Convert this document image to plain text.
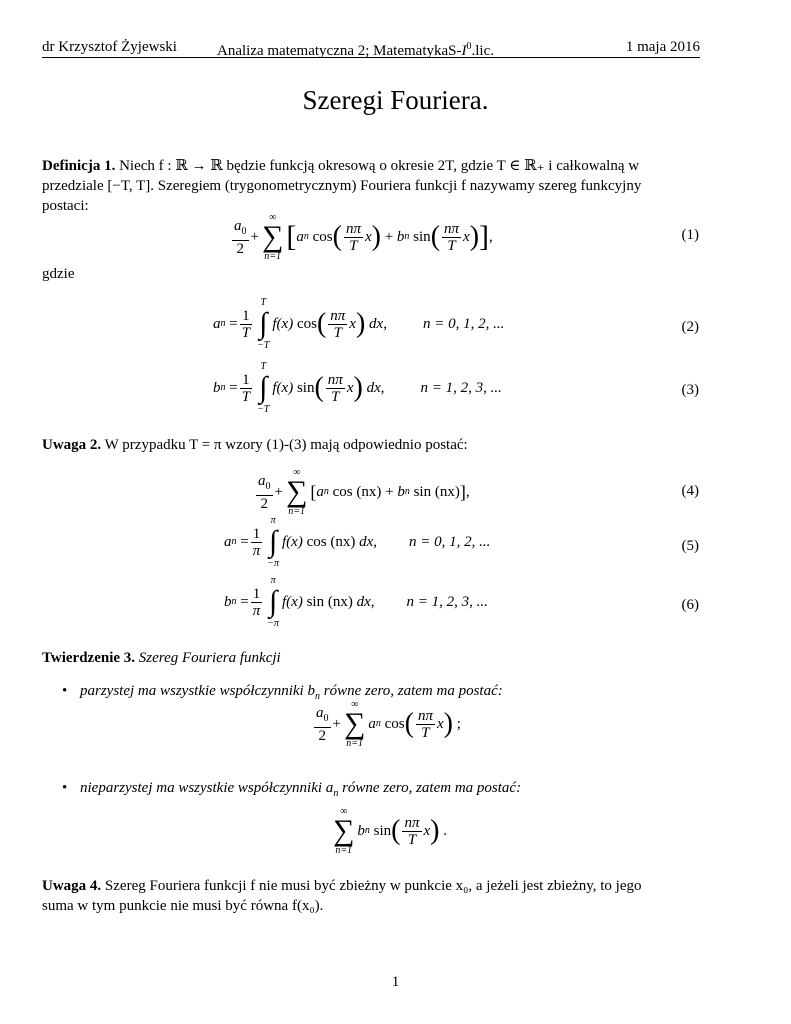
dr Krzysztof Żyjewski	Analiza matematyczna 2; MatematykaS-$I^0.lic$.	1 maja 2016
Szeregi Fouriera.
Definicja 1. Niech f : ℝ → ℝ będzie funkcją okresową o okresie 2T, gdzie T ∈ ℝ₊ i całkowalną w
przedziale [−T, T]. Szeregiem (trygonometrycznym) Fouriera funkcji f nazywamy szereg funkcyjny
postaci:
$\frac{a_0}{2}$ +
∞
∑
n=1
[ a n
cos ( $\frac{n\pi}{T}$ x )
+
b n
sin ( $\frac{n\pi}{T}$ x ) ] ,	(1)
gdzie
a n
= $\frac{1}{T}$
T
∫
−T
f(x)
cos ( $\frac{n\pi}{T}$ x )
dx, n = 0, 1, 2, ...	(2)
b n
= $\frac{1}{T}$
T
∫
−T
f(x)
sin ( $\frac{n\pi}{T}$ x )
dx, n = 1, 2, 3, ...	(3)
Uwaga 2. W przypadku T = π wzory (1)-(3) mają odpowiednio postać:
$\frac{a_0}{2}$ +
∞
∑
n=1
[ a n
cos (nx)
+
b n
sin (nx) ] ,	(4)
a n
= $\frac{1}{\pi}$
π
∫
−π
f(x)
cos (nx)
dx, n = 0, 1, 2, ...	(5)
b n
= $\frac{1}{\pi}$
π
∫
−π
f(x)
sin (nx)
dx, n = 1, 2, 3, ...	(6)
Twierdzenie 3. Szereg Fouriera funkcji
• parzystej ma wszystkie współczynniki $b_n$ równe zero, zatem ma postać:
$\frac{a_0}{2}$ +
∞
∑
n=1
a n
cos ( $\frac{n\pi}{T}$ x )
;
• nieparzystej ma wszystkie współczynniki $a_n$ równe zero, zatem ma postać:
∞
∑
n=1
b n
sin ( $\frac{n\pi}{T}$ x )
.
Uwaga 4. Szereg Fouriera funkcji f nie musi być zbieżny w punkcie x₀, a jeżeli jest zbieżny, to jego
suma w tym punkcie nie musi być równa f(x₀).
1
